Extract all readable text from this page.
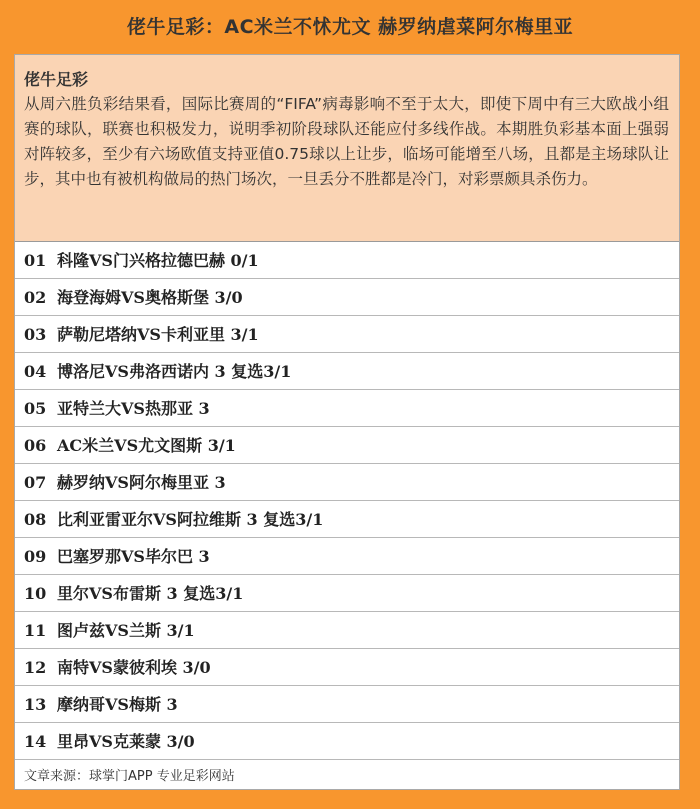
佬牛足彩：AC米兰不怵尤文 赫罗纳虐菜阿尔梅里亚
佬牛足彩

从周六胜负彩结果看，国际比赛周的“FIFA”病毒影响不至于太大，即使下周中有三大欧战小组赛的球队，联赛也积极发力，说明季初阶段球队还能应付多线作战。本期胜负彩基本面上强弱对阵较多，至少有六场欧值支持亚值0.75球以上让步，临场可能增至八场，且都是主场球队让步，其中也有被机构做局的热门场次，一旦丢分不胜都是冷门，对彩票颇具杀伤力。

01 科隆VS门兴格拉德巴赫 0/1
02 海登海姆VS奥格斯堡 3/0
03 萨勒尼塔纳VS卡利亚里 3/1
04 博洛尼VS弗洛西诺内 3 复选3/1
05 亚特兰大VS热那亚 3
06 AC米兰VS尤文图斯 3/1
07 赫罗纳VS阿尔梅里亚 3
08 比利亚雷亚尔VS阿拉维斯 3 复选3/1
09 巴塞罗那VS毕尔巴 3
10 里尔VS布雷斯 3 复选3/1
11 图卢兹VS兰斯 3/1
12 南特VS蒙彼利埃 3/0
13 摩纳哥VS梅斯 3
14 里昂VS克莱蒙 3/0
文章来源：球掌门APP 专业足彩网站
